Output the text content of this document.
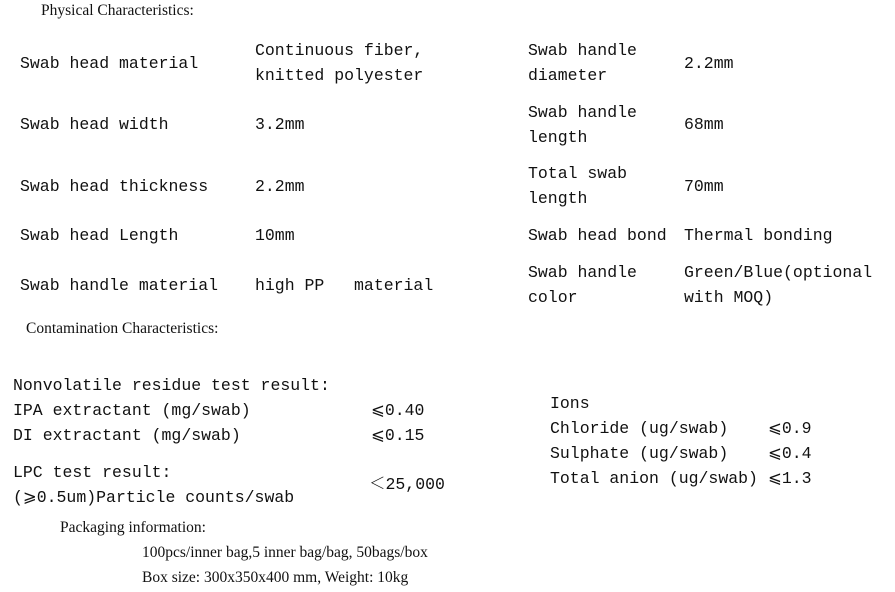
Physical Characteristics:
Swab head material
Swab head width
Swab head thickness
Swab head Length
Swab handle material
Continuous fiber,
knitted polyester
3.2mm
2.2mm
10mm
high PP   material
Swab handle
diameter
Swab handle
length
Total swab
length
Swab head bond
Swab handle
color
2.2mm
68mm
70mm
Thermal bonding
Green/Blue(optional
with MOQ)
Contamination Characteristics:
Nonvolatile residue test result:
IPA extractant (mg/swab)	⩽0.40
DI extractant (mg/swab)	⩽0.15
LPC test result:
(⩾0.5um)Particle counts/swab
＜25,000
Ions
Chloride (ug/swab) ⩽0.9
Sulphate (ug/swab) ⩽0.4
Total anion (ug/swab) ⩽1.3
Packaging information:
100pcs/inner bag,5 inner bag/bag, 50bags/box
Box size: 300x350x400 mm, Weight: 10kg
